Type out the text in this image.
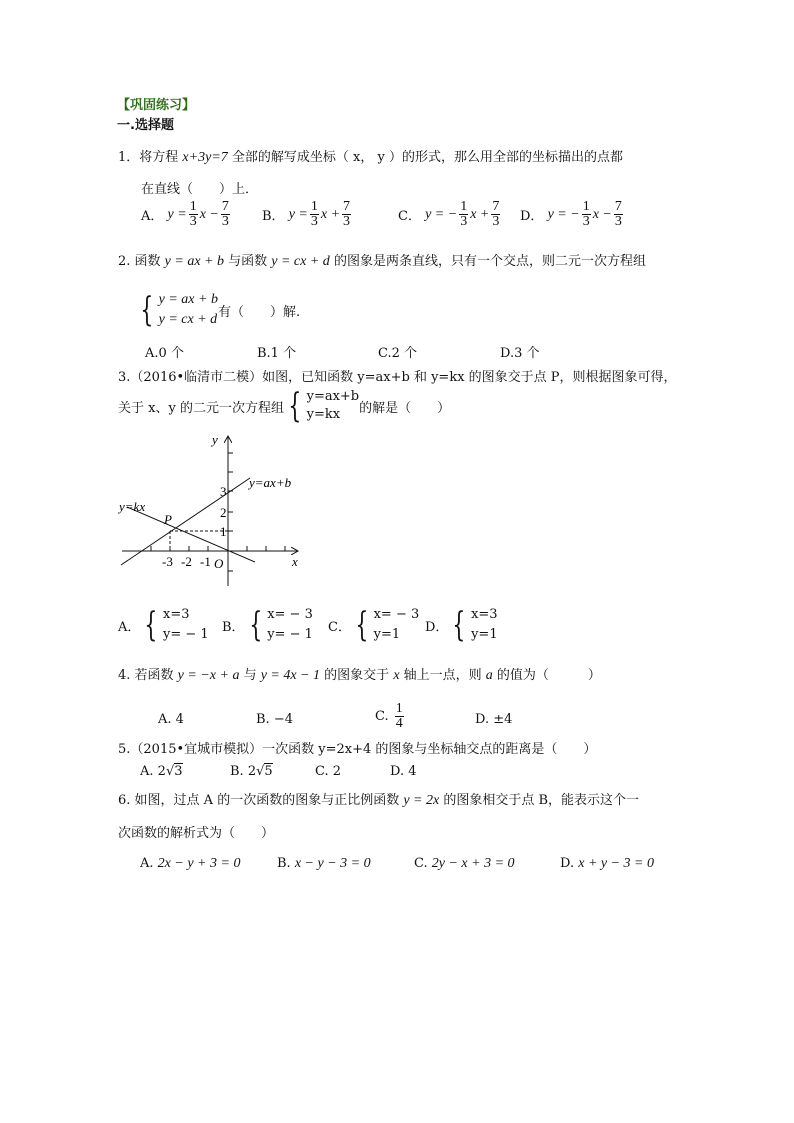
【巩固练习】
一.选择题
1．将方程 x+3y=7 全部的解写成坐标（ x， y ）的形式，那么用全部的坐标描出的点都
在直线（　　）上．
2. 函数 y = ax + b 与函数 y = cx + d 的图象是两条直线，只有一个交点，则二元一次方程组
{ y = ax + b
y = cx + d 有（　　）解.
A.0 个	B.1 个	C.2 个	D.3 个
3.（2016•临清市二模）如图，已知函数 y=ax+b 和 y=kx 的图象交于点 P，则根据图象可得，
关于 x、y 的二元一次方程组 { y=ax+b
y=kx	的解是（　　）
y
x
O
P
y=ax+b
y=kx
-3 -2 -1
1
2
3
4. 若函数 y = −x + a 与 y = 4x − 1 的图象交于 x 轴上一点，则 a 的值为（　　　）
A. 4	B. −4	C.
$\frac{1}{4}$	D. ±4
5.（2015•宜城市模拟）一次函数 y=2x+4 的图象与坐标轴交点的距离是（　　）
6. 如图，过点 A 的一次函数的图象与正比例函数 y = 2x 的图象相交于点 B，能表示这个一
次函数的解析式为（　　）
A．
$y = \frac{1}{3}$ $x - \frac{7}{3}$ B．
$y = \frac{1}{3}$ $x + \frac{7}{3}$	C．
y = − $\frac{1}{3}$ $x + \frac{7}{3}$ D．
y = − $\frac{1}{3}$ $x - \frac{7}{3}$
A． { x=3
y= − 1 B． { x= − 3
y= − 1 C． { x= − 3
y=1	D． { x=3
y=1
A. 2√3	B. 2√5	C. 2	D. 4
A. 2x − y + 3 = 0	B. x − y − 3 = 0	C. 2y − x + 3 = 0	D. x + y − 3 = 0
